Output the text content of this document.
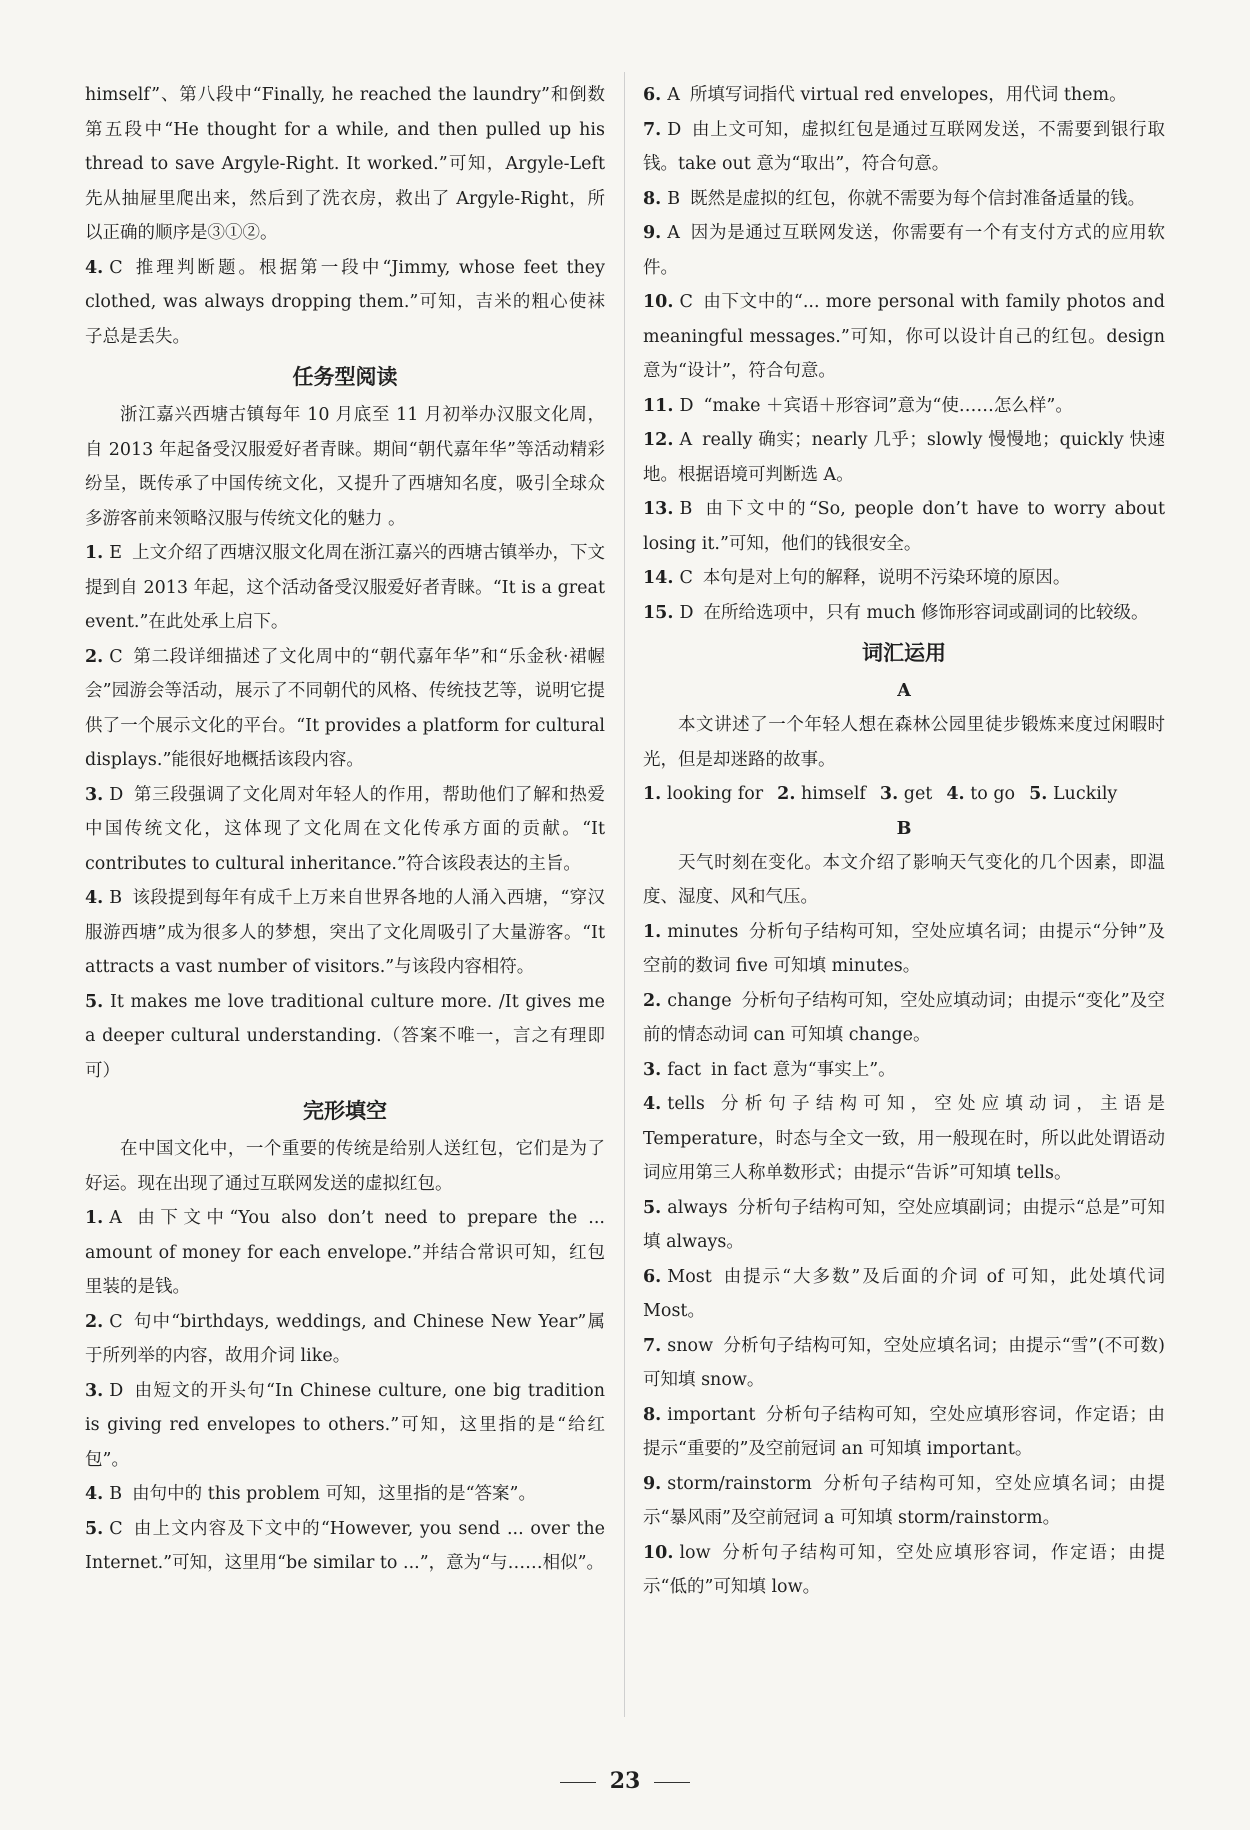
himself”、第八段中“Finally, he reached the laundry”和倒数第五段中“He thought for a while, and then pulled up his thread to save Argyle-Right. It worked.”可知，Argyle-Left 先从抽屉里爬出来，然后到了洗衣房，救出了 Argyle-Right，所以正确的顺序是③①②。

4. C 推理判断题。根据第一段中“Jimmy, whose feet they clothed, was always dropping them.”可知，吉米的粗心使袜子总是丢失。

任务型阅读

浙江嘉兴西塘古镇每年 10 月底至 11 月初举办汉服文化周，自 2013 年起备受汉服爱好者青睐。期间“朝代嘉年华”等活动精彩纷呈，既传承了中国传统文化，又提升了西塘知名度，吸引全球众多游客前来领略汉服与传统文化的魅力 。

1. E 上文介绍了西塘汉服文化周在浙江嘉兴的西塘古镇举办，下文提到自 2013 年起，这个活动备受汉服爱好者青睐。“It is a great event.”在此处承上启下。

2. C 第二段详细描述了文化周中的“朝代嘉年华”和“乐金秋·裙幄会”园游会等活动，展示了不同朝代的风格、传统技艺等，说明它提供了一个展示文化的平台。“It provides a platform for cultural displays.”能很好地概括该段内容。

3. D 第三段强调了文化周对年轻人的作用，帮助他们了解和热爱中国传统文化，这体现了文化周在文化传承方面的贡献。“It contributes to cultural inheritance.”符合该段表达的主旨。

4. B 该段提到每年有成千上万来自世界各地的人涌入西塘，“穿汉服游西塘”成为很多人的梦想，突出了文化周吸引了大量游客。“It attracts a vast number of visitors.”与该段内容相符。

5. It makes me love traditional culture more. /It gives me a deeper cultural understanding.（答案不唯一，言之有理即可）

完形填空

在中国文化中，一个重要的传统是给别人送红包，它们是为了好运。现在出现了通过互联网发送的虚拟红包。

1. A 由下文中“You also don’t need to prepare the ... amount of money for each envelope.”并结合常识可知，红包里装的是钱。

2. C 句中“birthdays, weddings, and Chinese New Year”属于所列举的内容，故用介词 like。

3. D 由短文的开头句“In Chinese culture, one big tradition is giving red envelopes to others.”可知，这里指的是“给红包”。

4. B 由句中的 this problem 可知，这里指的是“答案”。

5. C 由上文内容及下文中的“However, you send ... over the Internet.”可知，这里用“be similar to ...”，意为“与……相似”。

6. A 所填写词指代 virtual red envelopes，用代词 them。

7. D 由上文可知，虚拟红包是通过互联网发送，不需要到银行取钱。take out 意为“取出”，符合句意。

8. B 既然是虚拟的红包，你就不需要为每个信封准备适量的钱。

9. A 因为是通过互联网发送，你需要有一个有支付方式的应用软件。

10. C 由下文中的“... more personal with family photos and meaningful messages.”可知，你可以设计自己的红包。design 意为“设计”，符合句意。

11. D “make ＋宾语＋形容词”意为“使……怎么样”。

12. A really 确实；nearly 几乎；slowly 慢慢地；quickly 快速地。根据语境可判断选 A。

13. B 由下文中的“So, people don’t have to worry about losing it.”可知，他们的钱很安全。

14. C 本句是对上句的解释，说明不污染环境的原因。

15. D 在所给选项中，只有 much 修饰形容词或副词的比较级。

词汇运用
A

本文讲述了一个年轻人想在森林公园里徒步锻炼来度过闲暇时光，但是却迷路的故事。

1. looking for 2. himself 3. get 4. to go 5. Luckily

B

天气时刻在变化。本文介绍了影响天气变化的几个因素，即温度、湿度、风和气压。

1. minutes 分析句子结构可知，空处应填名词；由提示“分钟”及空前的数词 five 可知填 minutes。

2. change 分析句子结构可知，空处应填动词；由提示“变化”及空前的情态动词 can 可知填 change。

3. fact in fact 意为“事实上”。

4. tells 分析句子结构可知，空处应填动词，主语是 Temperature，时态与全文一致，用一般现在时，所以此处谓语动词应用第三人称单数形式；由提示“告诉”可知填 tells。

5. always 分析句子结构可知，空处应填副词；由提示“总是”可知填 always。

6. Most 由提示“大多数”及后面的介词 of 可知，此处填代词 Most。

7. snow 分析句子结构可知，空处应填名词；由提示“雪”(不可数)可知填 snow。

8. important 分析句子结构可知，空处应填形容词，作定语；由提示“重要的”及空前冠词 an 可知填 important。

9. storm/rainstorm 分析句子结构可知，空处应填名词；由提示“暴风雨”及空前冠词 a 可知填 storm/rainstorm。

10. low 分析句子结构可知，空处应填形容词，作定语；由提示“低的”可知填 low。

23
